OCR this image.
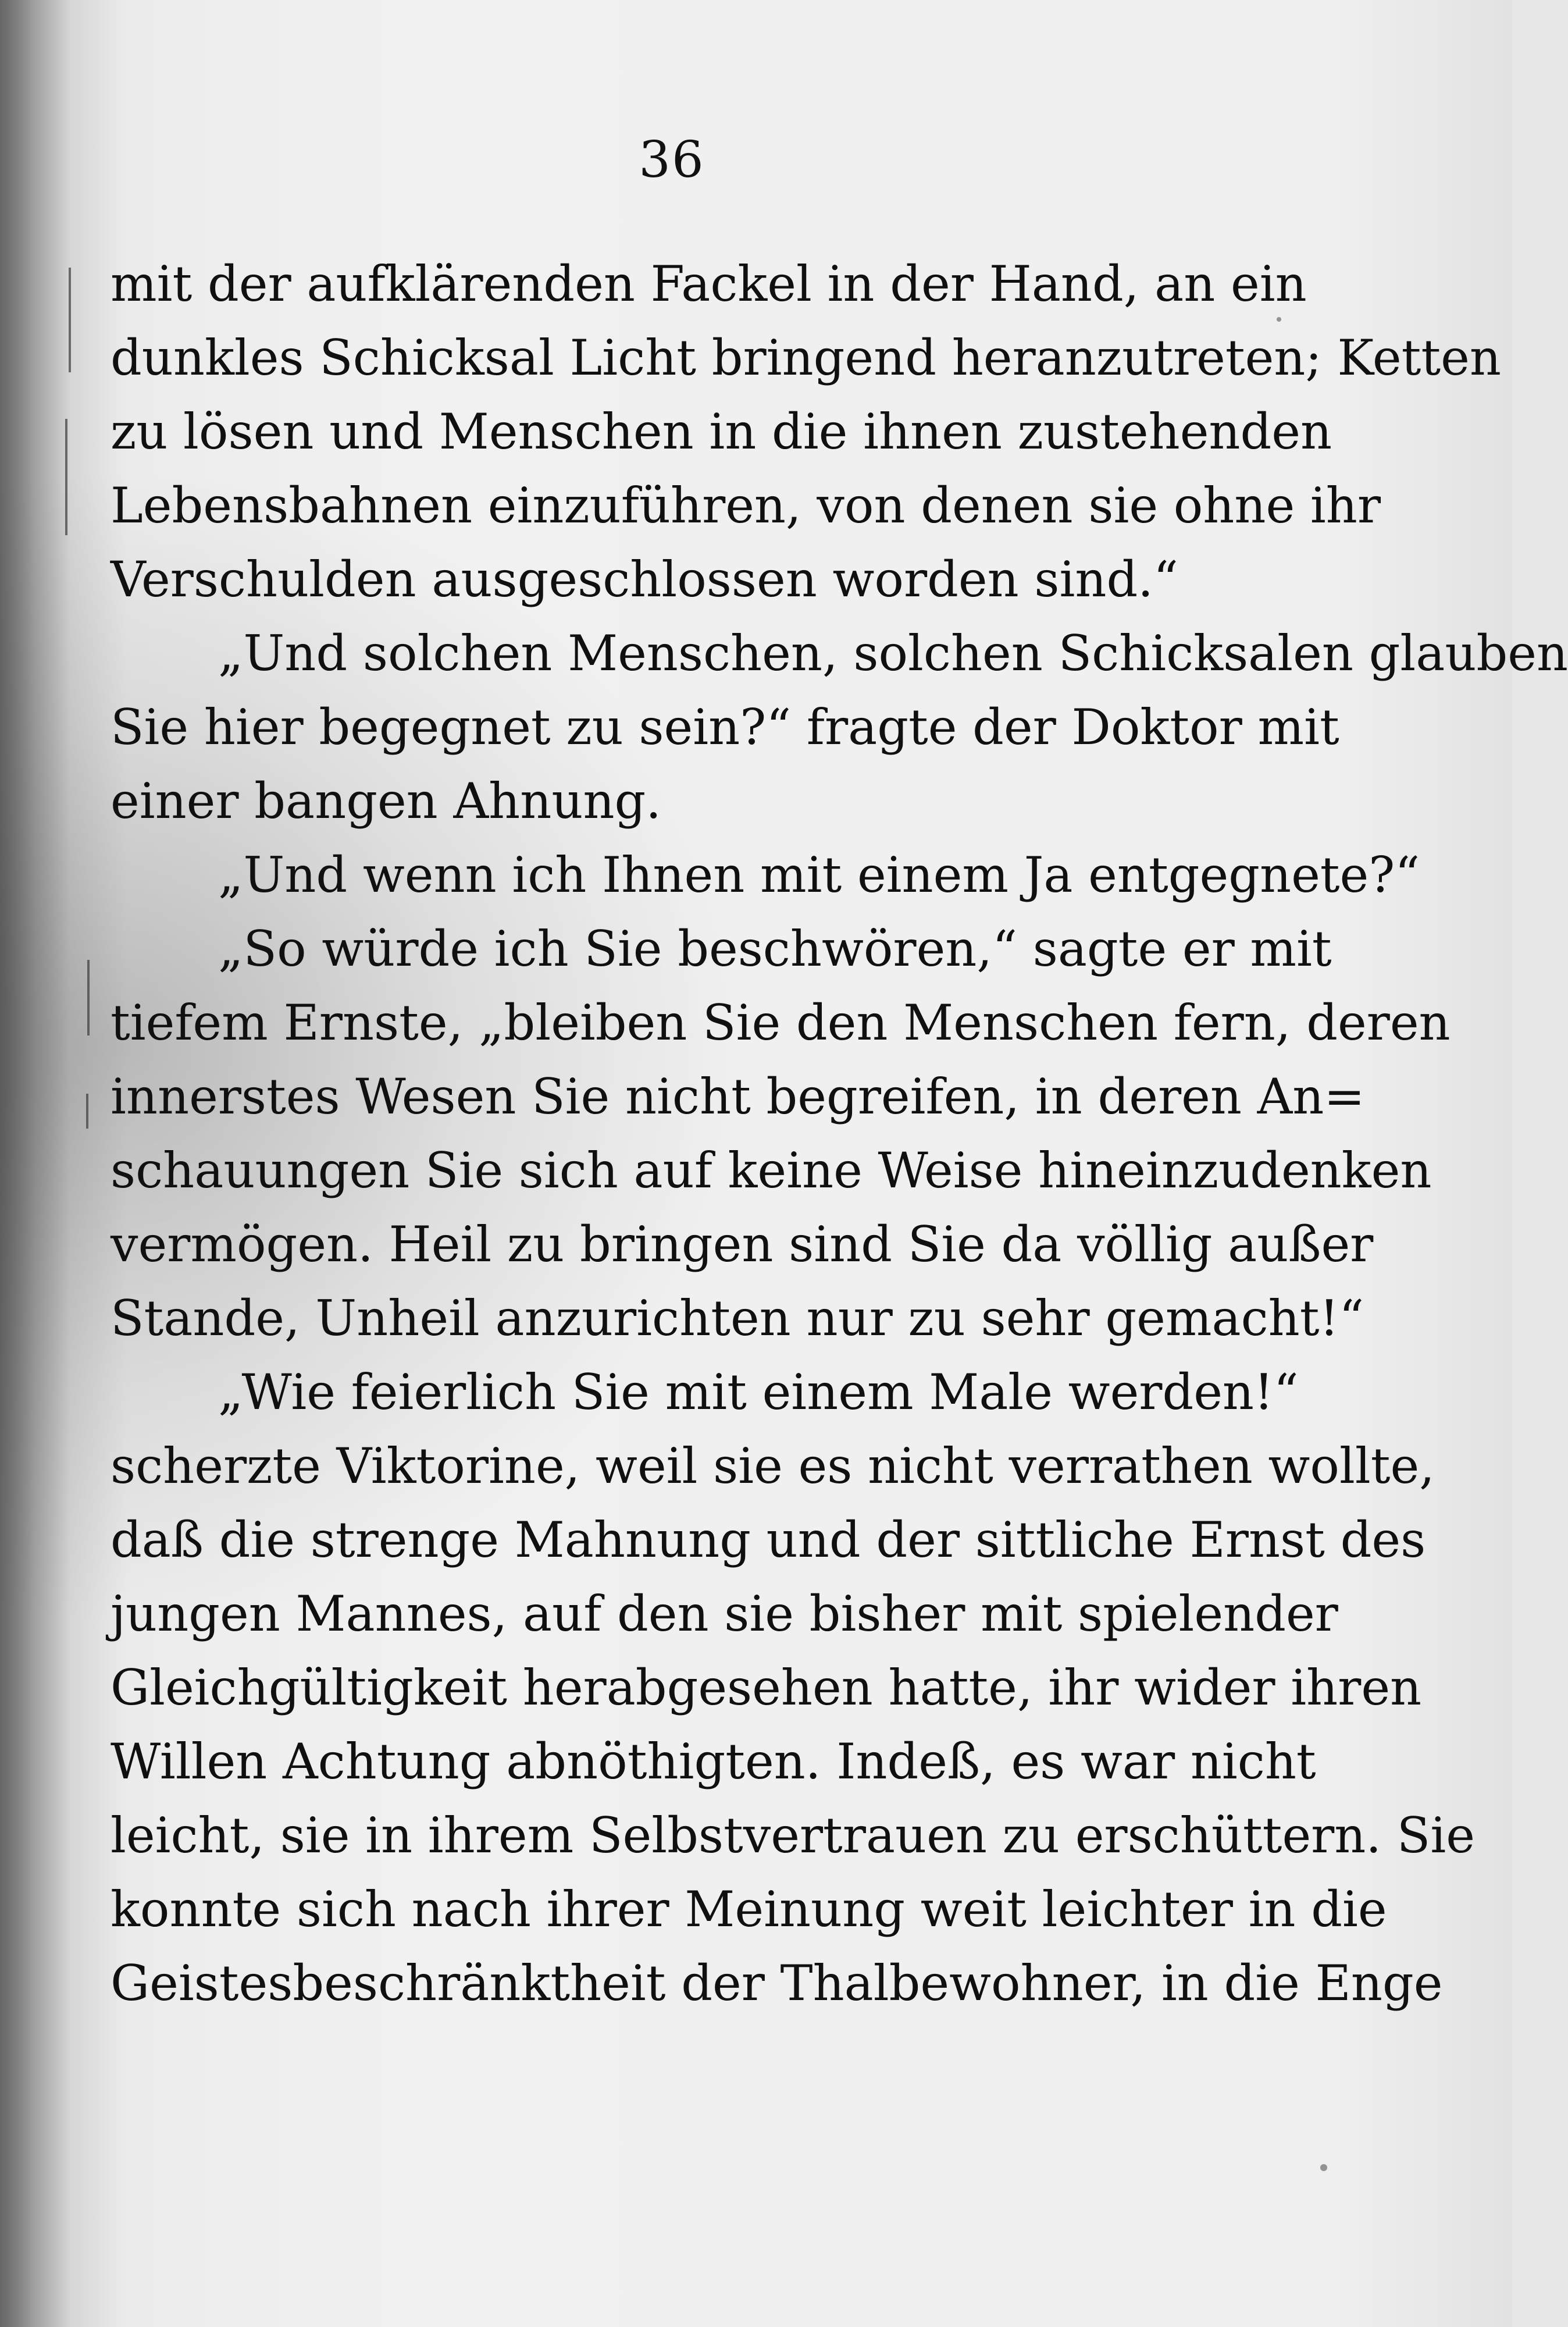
36
mit der aufklärenden Fackel in der Hand, an ein
dunkles Schicksal Licht bringend heranzutreten; Ketten
zu lösen und Menschen in die ihnen zustehenden
Lebensbahnen einzuführen, von denen sie ohne ihr
Verschulden ausgeschlossen worden sind.“
„Und solchen Menschen, solchen Schicksalen glauben
Sie hier begegnet zu sein?“ fragte der Doktor mit
einer bangen Ahnung.
„Und wenn ich Ihnen mit einem Ja entgegnete?“
„So würde ich Sie beschwören,“ sagte er mit
tiefem Ernste, „bleiben Sie den Menschen fern, deren
innerstes Wesen Sie nicht begreifen, in deren An=
schauungen Sie sich auf keine Weise hineinzudenken
vermögen. Heil zu bringen sind Sie da völlig außer
Stande, Unheil anzurichten nur zu sehr gemacht!“
„Wie feierlich Sie mit einem Male werden!“
scherzte Viktorine, weil sie es nicht verrathen wollte,
daß die strenge Mahnung und der sittliche Ernst des
jungen Mannes, auf den sie bisher mit spielender
Gleichgültigkeit herabgesehen hatte, ihr wider ihren
Willen Achtung abnöthigten. Indeß, es war nicht
leicht, sie in ihrem Selbstvertrauen zu erschüttern. Sie
konnte sich nach ihrer Meinung weit leichter in die
Geistesbeschränktheit der Thalbewohner, in die Enge
